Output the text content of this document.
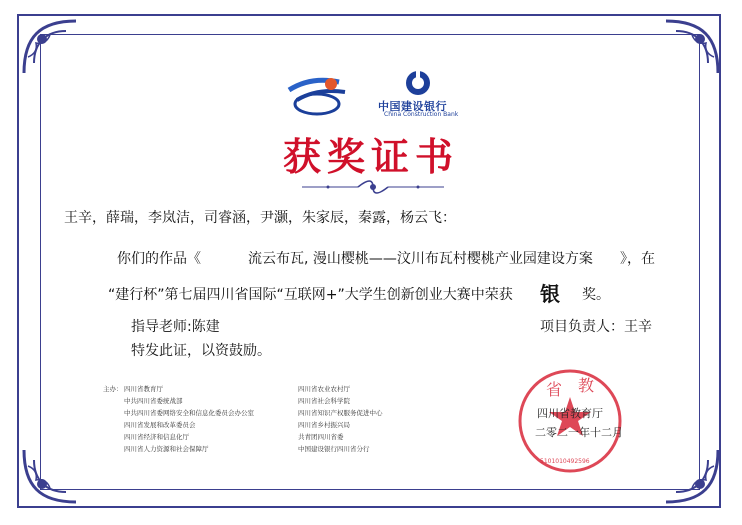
中国建设银行
China Construction Bank
获奖证书
王辛，薛瑞，李岚洁，司睿涵，尹灏，朱家辰，秦露，杨云飞：
你们的作品《	流云布瓦, 漫山樱桃——汶川布瓦村樱桃产业园建设方案 》，在
“建行杯”第七届四川省国际“互联网+”大学生创新创业大赛中荣获 银 奖。
指导老师:陈建	项目负责人：王辛
特发此证，以资鼓励。
主办： 四川省教育厅
中共四川省委统战部
中共四川省委网络安全和信息化委员会办公室
四川省发展和改革委员会
四川省经济和信息化厅
四川省人力资源和社会保障厅
四川省农业农村厅
四川省社会科学院
四川省知识产权服务促进中心
四川省乡村振兴局
共青团四川省委
中国建设银行四川省分行
省 教
5101010492596
四川省教育厅
二零二一年十二月
